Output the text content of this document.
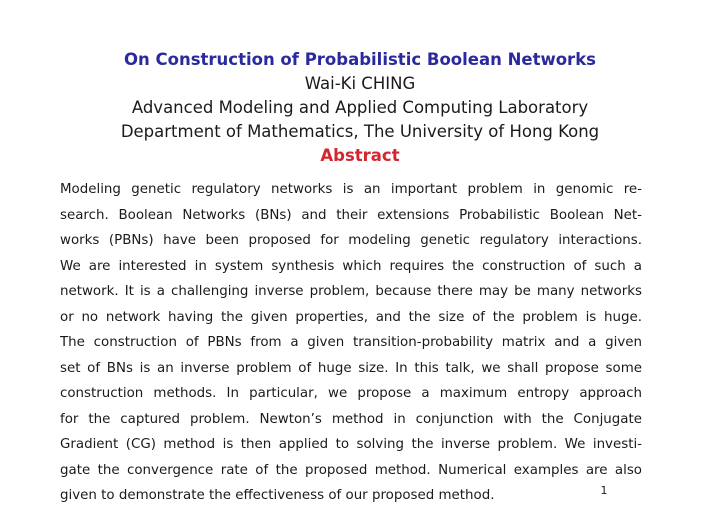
On Construction of Probabilistic Boolean Networks
Wai-Ki CHING
Advanced Modeling and Applied Computing Laboratory
Department of Mathematics, The University of Hong Kong
Abstract
Modeling genetic regulatory networks is an important problem in genomic re-
search. Boolean Networks (BNs) and their extensions Probabilistic Boolean Net-
works (PBNs) have been proposed for modeling genetic regulatory interactions.
We are interested in system synthesis which requires the construction of such a
network. It is a challenging inverse problem, because there may be many networks
or no network having the given properties, and the size of the problem is huge.
The construction of PBNs from a given transition-probability matrix and a given
set of BNs is an inverse problem of huge size. In this talk, we shall propose some
construction methods. In particular, we propose a maximum entropy approach
for the captured problem. Newton’s method in conjunction with the Conjugate
Gradient (CG) method is then applied to solving the inverse problem. We investi-
gate the convergence rate of the proposed method. Numerical examples are also
given to demonstrate the effectiveness of our proposed method.	1
